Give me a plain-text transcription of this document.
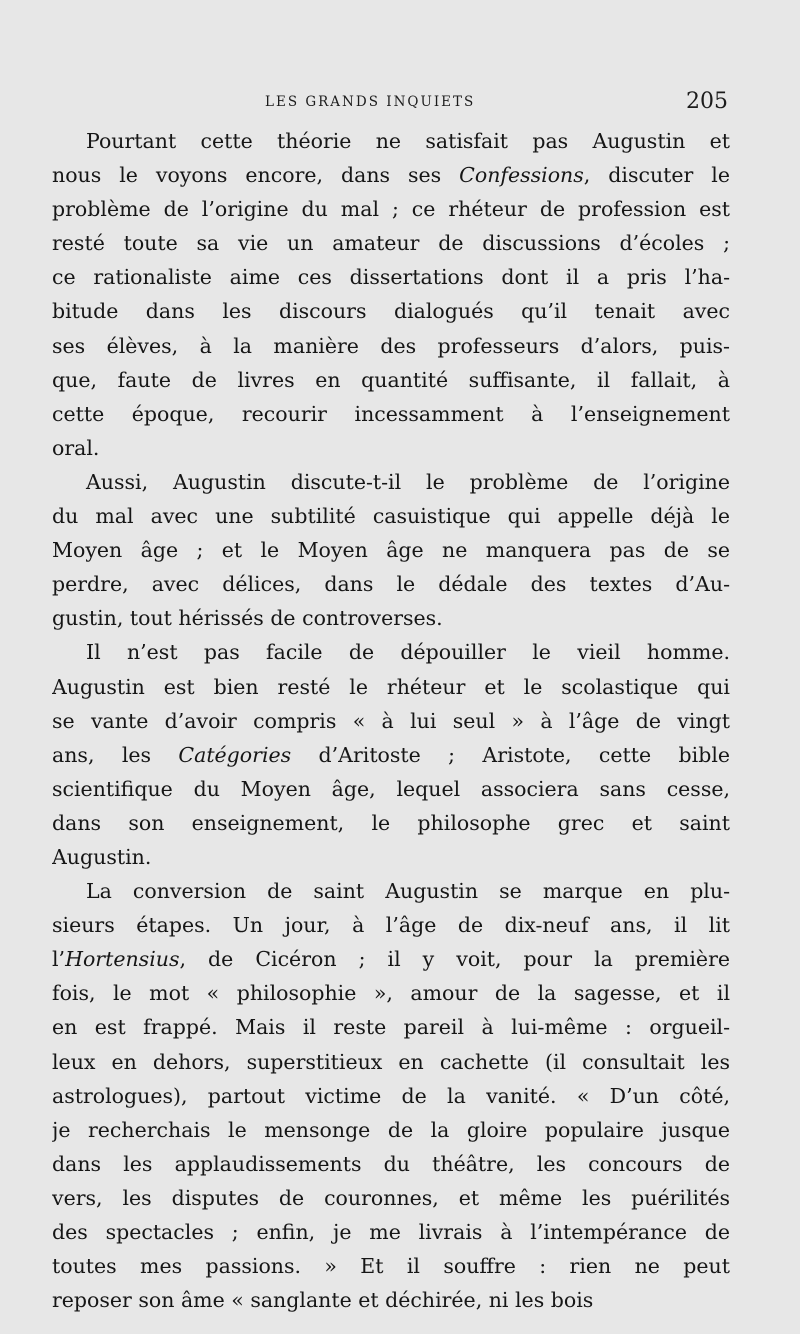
LES GRANDS INQUIETS	205
Pourtant cette théorie ne satisfait pas Augustin et
nous le voyons encore, dans ses Confessions, discuter le
problème de l’origine du mal ; ce rhéteur de profession est
resté toute sa vie un amateur de discussions d’écoles ;
ce rationaliste aime ces dissertations dont il a pris l’ha-
bitude dans les discours dialogués qu’il tenait avec
ses élèves, à la manière des professeurs d’alors, puis-
que, faute de livres en quantité suffisante, il fallait, à
cette époque, recourir incessamment à l’enseignement
oral.
Aussi, Augustin discute-t-il le problème de l’origine
du mal avec une subtilité casuistique qui appelle déjà le
Moyen âge ; et le Moyen âge ne manquera pas de se
perdre, avec délices, dans le dédale des textes d’Au-
gustin, tout hérissés de controverses.
Il n’est pas facile de dépouiller le vieil homme.
Augustin est bien resté le rhéteur et le scolastique qui
se vante d’avoir compris « à lui seul » à l’âge de vingt
ans, les Catégories d’Aritoste ; Aristote, cette bible
scientifique du Moyen âge, lequel associera sans cesse,
dans son enseignement, le philosophe grec et saint
Augustin.
La conversion de saint Augustin se marque en plu-
sieurs étapes. Un jour, à l’âge de dix-neuf ans, il lit
l’Hortensius, de Cicéron ; il y voit, pour la première
fois, le mot « philosophie », amour de la sagesse, et il
en est frappé. Mais il reste pareil à lui-même : orgueil-
leux en dehors, superstitieux en cachette (il consultait les
astrologues), partout victime de la vanité. « D’un côté,
je recherchais le mensonge de la gloire populaire jusque
dans les applaudissements du théâtre, les concours de
vers, les disputes de couronnes, et même les puérilités
des spectacles ; enfin, je me livrais à l’intempérance de
toutes mes passions. » Et il souffre : rien ne peut
reposer son âme « sanglante et déchirée, ni les bois
